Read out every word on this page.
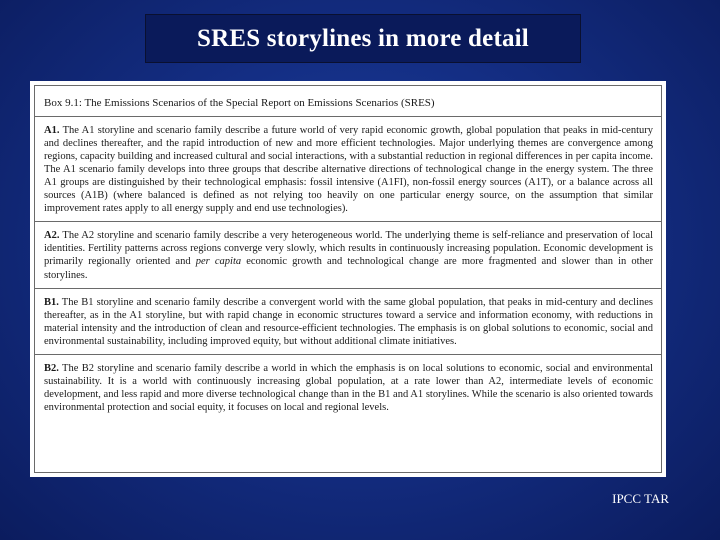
SRES storylines in more detail

Box 9.1: The Emissions Scenarios of the Special Report on Emissions Scenarios (SRES)

A1. The A1 storyline and scenario family describe a future world of very rapid economic growth, global population that peaks in mid-century and declines thereafter, and the rapid introduction of new and more efficient technologies. Major underlying themes are convergence among regions, capacity building and increased cultural and social interactions, with a substantial reduction in regional differences in per capita income. The A1 scenario family develops into three groups that describe alternative directions of technological change in the energy system. The three A1 groups are distinguished by their technological emphasis: fossil intensive (A1FI), non-fossil energy sources (A1T), or a balance across all sources (A1B) (where balanced is defined as not relying too heavily on one particular energy source, on the assumption that similar improvement rates apply to all energy supply and end use technologies).

A2. The A2 storyline and scenario family describe a very heterogeneous world. The underlying theme is self-reliance and preservation of local identities. Fertility patterns across regions converge very slowly, which results in continuously increasing population. Economic development is primarily regionally oriented and per capita economic growth and technological change are more fragmented and slower than in other storylines.

B1. The B1 storyline and scenario family describe a convergent world with the same global population, that peaks in mid-century and declines thereafter, as in the A1 storyline, but with rapid change in economic structures toward a service and information economy, with reductions in material intensity and the introduction of clean and resource-efficient technologies. The emphasis is on global solutions to economic, social and environmental sustainability, including improved equity, but without additional climate initiatives.

B2. The B2 storyline and scenario family describe a world in which the emphasis is on local solutions to economic, social and environmental sustainability. It is a world with continuously increasing global population, at a rate lower than A2, intermediate levels of economic development, and less rapid and more diverse technological change than in the B1 and A1 storylines. While the scenario is also oriented towards environmental protection and social equity, it focuses on local and regional levels.

IPCC TAR
